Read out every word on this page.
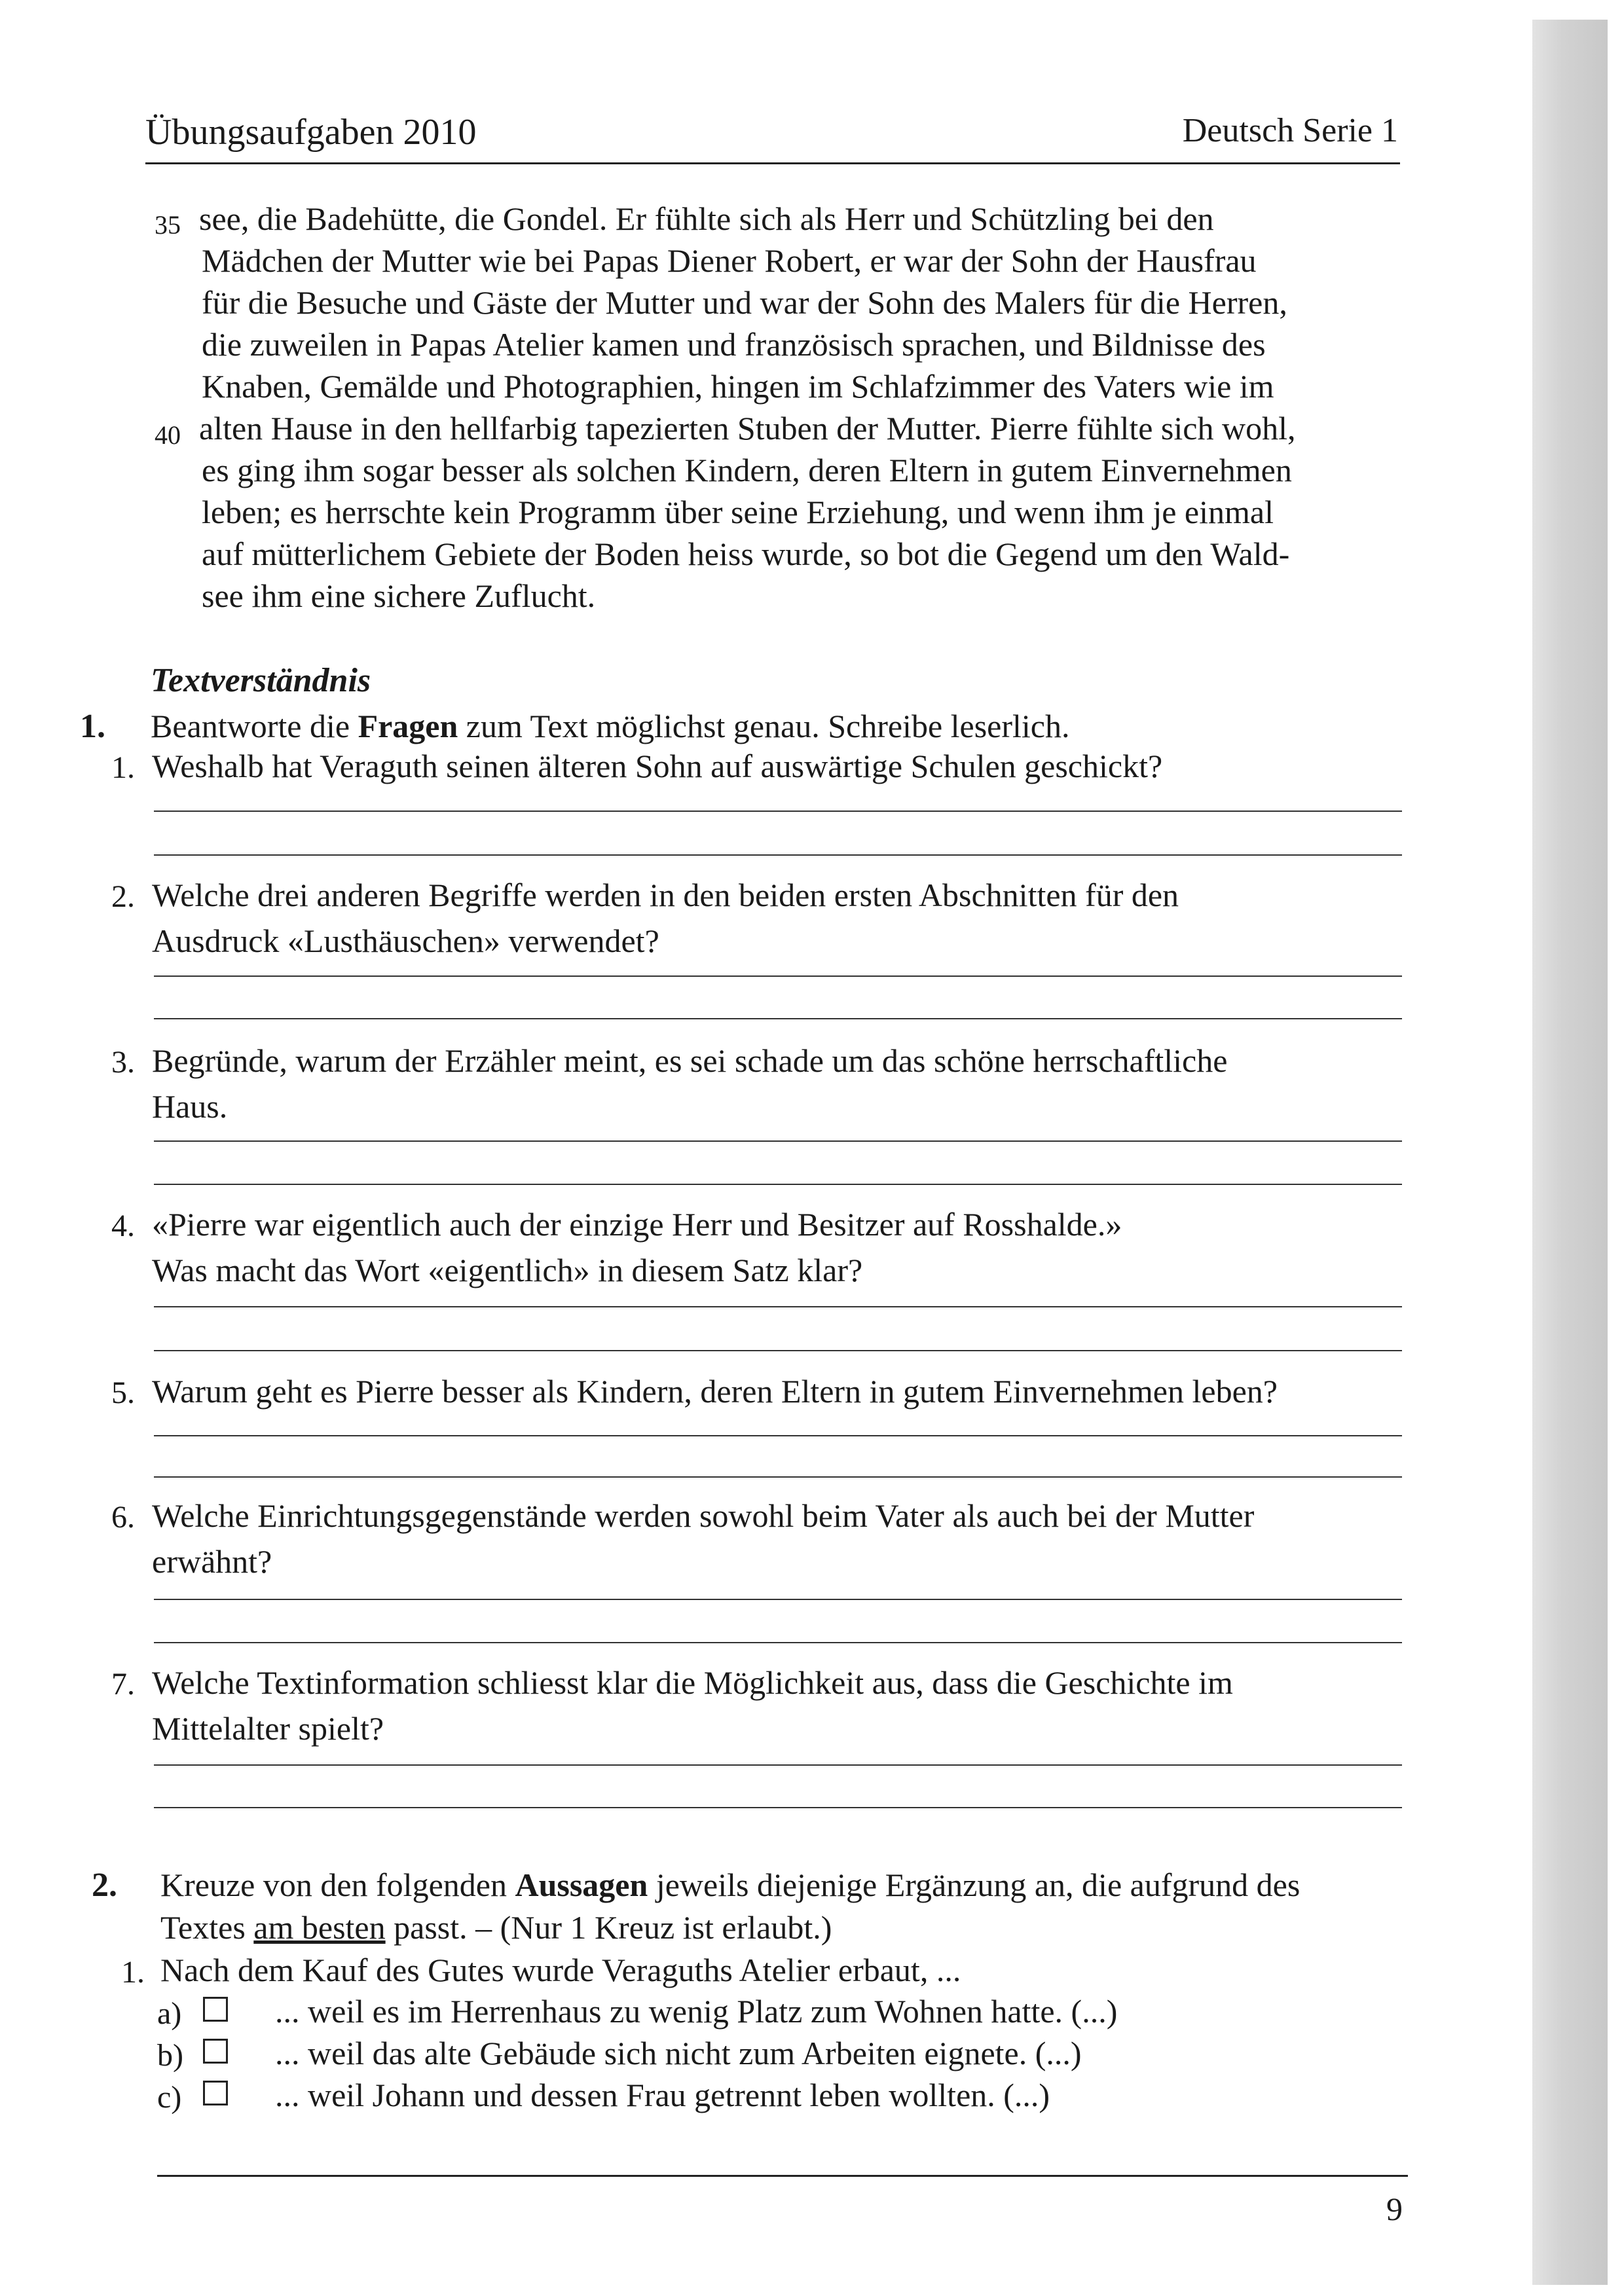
Übungsaufgaben 2010	Deutsch Serie 1
35
40
see, die Badehütte, die Gondel. Er fühlte sich als Herr und Schützling bei den
Mädchen der Mutter wie bei Papas Diener Robert, er war der Sohn der Hausfrau
für die Besuche und Gäste der Mutter und war der Sohn des Malers für die Herren,
die zuweilen in Papas Atelier kamen und französisch sprachen, und Bildnisse des
Knaben, Gemälde und Photographien, hingen im Schlafzimmer des Vaters wie im
alten Hause in den hellfarbig tapezierten Stuben der Mutter. Pierre fühlte sich wohl,
es ging ihm sogar besser als solchen Kindern, deren Eltern in gutem Einvernehmen
leben; es herrschte kein Programm über seine Erziehung, und wenn ihm je einmal
auf mütterlichem Gebiete der Boden heiss wurde, so bot die Gegend um den Wald-
see ihm eine sichere Zuflucht.
Textverständnis
1. Beantworte die Fragen zum Text möglichst genau. Schreibe leserlich.
1. Weshalb hat Veraguth seinen älteren Sohn auf auswärtige Schulen geschickt?
2. Welche drei anderen Begriffe werden in den beiden ersten Abschnitten für den
Ausdruck «Lusthäuschen» verwendet?
3. Begründe, warum der Erzähler meint, es sei schade um das schöne herrschaftliche
Haus.
4. «Pierre war eigentlich auch der einzige Herr und Besitzer auf Rosshalde.»
Was macht das Wort «eigentlich» in diesem Satz klar?
5. Warum geht es Pierre besser als Kindern, deren Eltern in gutem Einvernehmen leben?
6. Welche Einrichtungsgegenstände werden sowohl beim Vater als auch bei der Mutter
erwähnt?
7. Welche Textinformation schliesst klar die Möglichkeit aus, dass die Geschichte im
Mittelalter spielt?
2. Kreuze von den folgenden Aussagen jeweils diejenige Ergänzung an, die aufgrund des
Textes am besten passt. – (Nur 1 Kreuz ist erlaubt.)
1. Nach dem Kauf des Gutes wurde Veraguths Atelier erbaut, ...
a)	... weil es im Herrenhaus zu wenig Platz zum Wohnen hatte. (...)
b)	... weil das alte Gebäude sich nicht zum Arbeiten eignete. (...)
c)	... weil Johann und dessen Frau getrennt leben wollten. (...)
9
